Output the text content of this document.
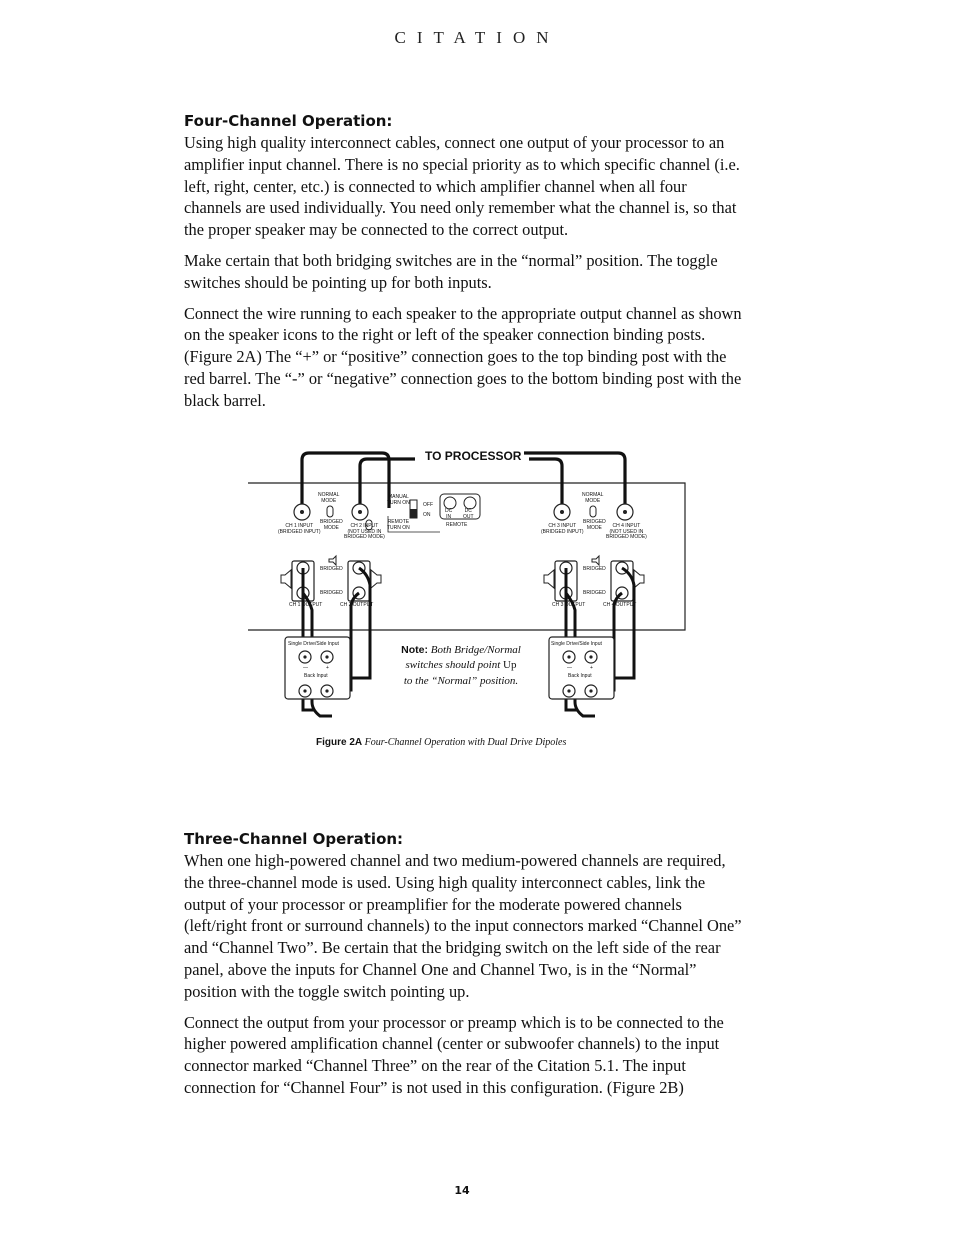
CITATION
Four-Channel Operation:

Using high quality interconnect cables, connect one output of your processor to an amplifier input channel. There is no special priority as to which specific channel (i.e. left, right, center, etc.) is connected to which amplifier channel when all four channels are used individually. You need only remember what the channel is, so that the proper speaker may be connected to the correct output.

Make certain that both bridging switches are in the “normal” position. The toggle switches should be pointing up for both inputs.

Connect the wire running to each speaker to the appropriate output channel as shown on the speaker icons to the right or left of the speaker connection binding posts. (Figure 2A) The “+” or “positive” connection goes to the top binding post with the red barrel. The “-” or “negative” connection goes to the bottom binding post with the black barrel.

TO PROCESSOR
NORMAL
MODE
BRIDGED
MODE
CH 1 INPUT
(BRIDGED INPUT)
CH 2 INPUT
(NOT USED IN
BRIDGED MODE)
MANUAL
TURN ON
REMOTE
TURN ON
OFF
ON
DC
IN
DC
OUT
REMOTE
NORMAL
MODE
BRIDGED
MODE
CH 3 INPUT
(BRIDGED INPUT)
CH 4 INPUT
(NOT USED IN
BRIDGED MODE)
BRIDGED
BRIDGED
BRIDGED
BRIDGED
CH 1 OUTPUT	CH 2 OUTPUT	CH 3 OUTPUT	CH 4 OUTPUT
Single Drive/Side Input	Single Drive/Side Input
—	+	—	+
Back Input	Back Input
Note: Both Bridge/Normal switches should point Up to the “Normal” position.
Figure 2A Four-Channel Operation with Dual Drive Dipoles
Three-Channel Operation:

When one high-powered channel and two medium-powered channels are required, the three-channel mode is used. Using high quality interconnect cables, link the output of your processor or preamplifier for the moderate powered channels (left/right front or surround channels) to the input connectors marked “Channel One” and “Channel Two”. Be certain that the bridging switch on the left side of the rear panel, above the inputs for Channel One and Channel Two, is in the “Normal” position with the toggle switch pointing up.

Connect the output from your processor or preamp which is to be connected to the higher powered amplification channel (center or subwoofer channels) to the input connector marked “Channel Three” on the rear of the Citation 5.1. The input connection for “Channel Four” is not used in this configuration. (Figure 2B)

14
